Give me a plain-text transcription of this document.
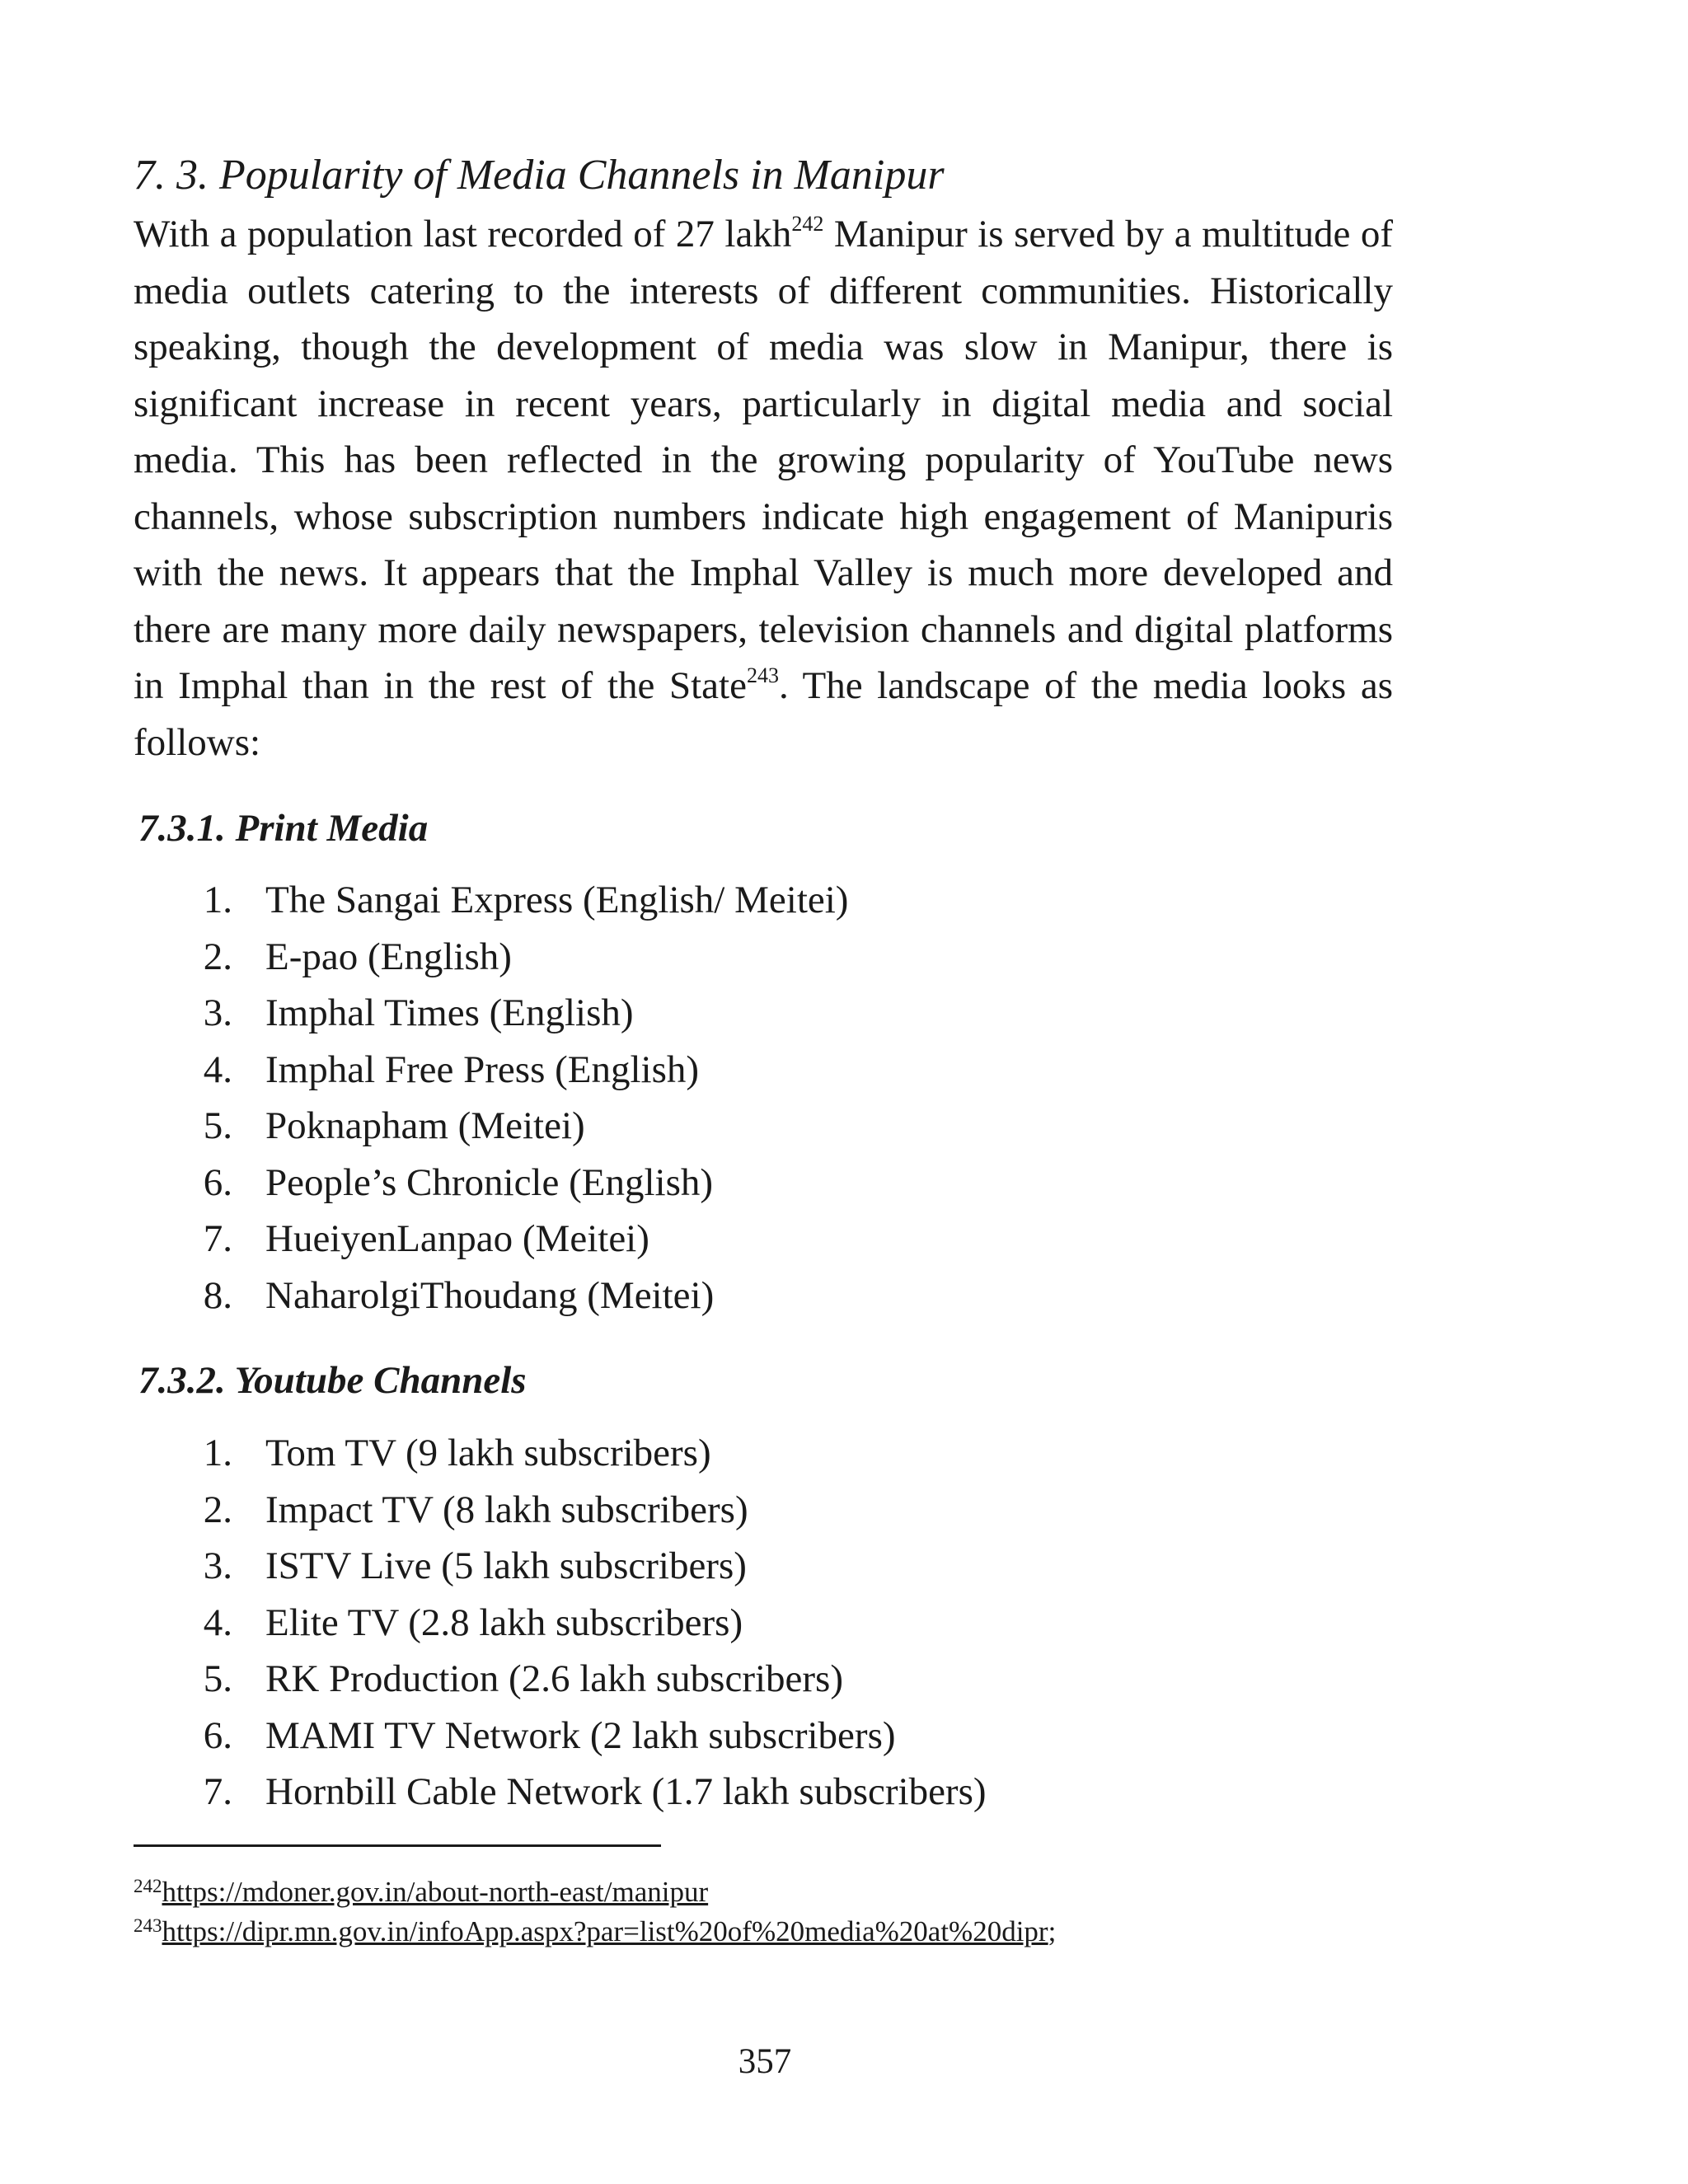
7. 3. Popularity of Media Channels in Manipur

With a population last recorded of 27 lakh$^{242}$ Manipur is served by a multitude of media outlets catering to the interests of different communities. Historically speaking, though the development of media was slow in Manipur, there is significant increase in recent years, particularly in digital media and social media. This has been reflected in the growing popularity of YouTube news channels, whose subscription numbers indicate high engagement of Manipuris with the news. It appears that the Imphal Valley is much more developed and there are many more daily newspapers, television channels and digital platforms in Imphal than in the rest of the State$^{243}$. The landscape of the media looks as follows:

7.3.1. Print Media
1. The Sangai Express (English/ Meitei)
2. E-pao (English)
3. Imphal Times (English)
4. Imphal Free Press (English)
5. Poknapham (Meitei)
6. People’s Chronicle (English)
7. HueiyenLanpao (Meitei)
8. NaharolgiThoudang (Meitei)
7.3.2. Youtube Channels
1. Tom TV (9 lakh subscribers)
2. Impact TV (8 lakh subscribers)
3. ISTV Live (5 lakh subscribers)
4. Elite TV (2.8 lakh subscribers)
5. RK Production (2.6 lakh subscribers)
6. MAMI TV Network (2 lakh subscribers)
7. Hornbill Cable Network (1.7 lakh subscribers)
$^{242}$https://mdoner.gov.in/about-north-east/manipur
$^{243}$https://dipr.mn.gov.in/infoApp.aspx?par=list%20of%20media%20at%20dipr;
357
